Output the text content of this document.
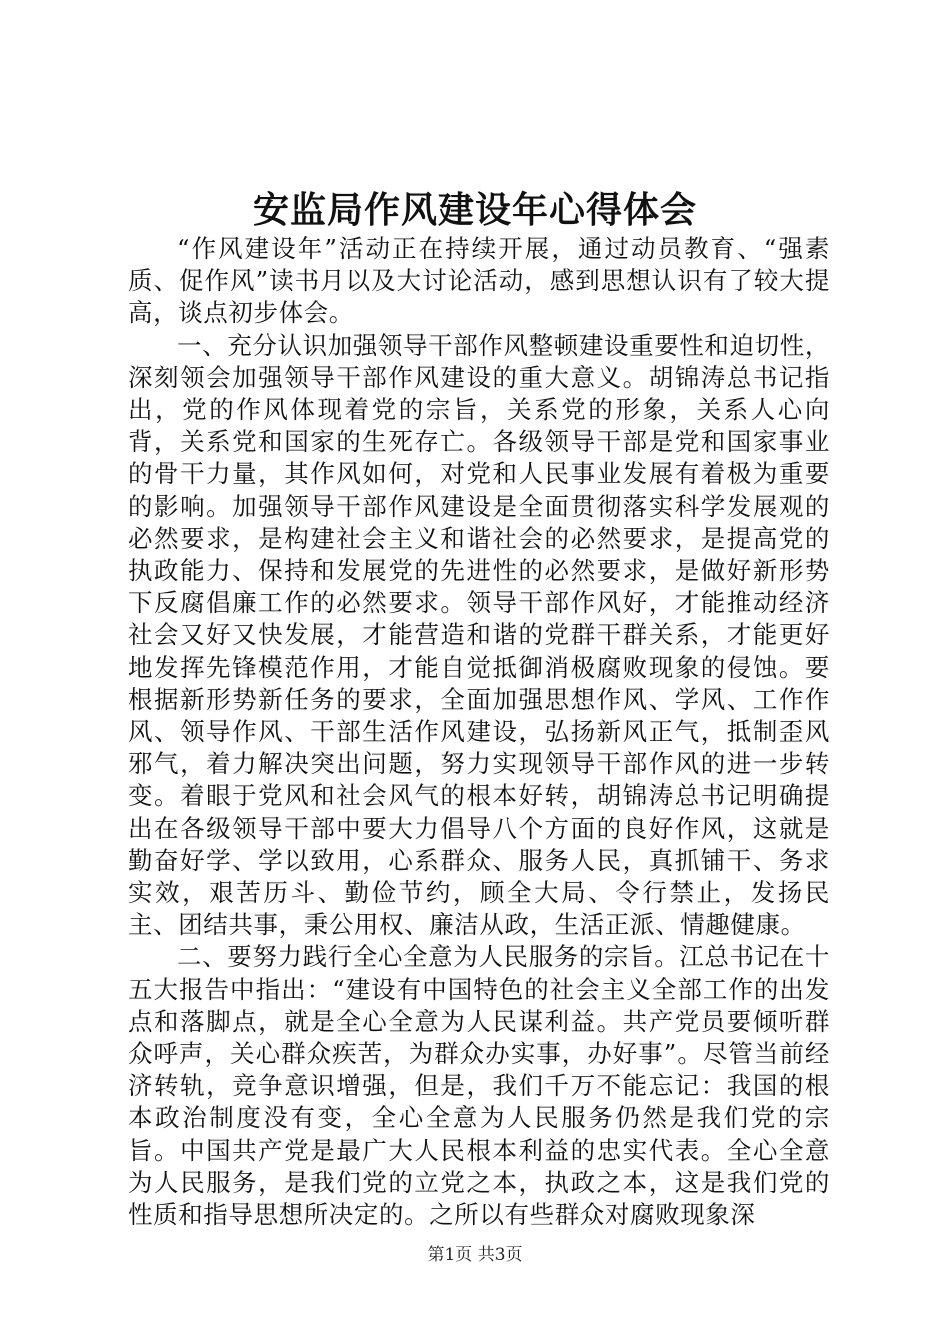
安监局作风建设年心得体会

“作风建设年”活动正在持续开展，通过动员教育、“强素质、促作风”读书月以及大讨论活动，感到思想认识有了较大提高，谈点初步体会。

一、充分认识加强领导干部作风整顿建设重要性和迫切性，深刻领会加强领导干部作风建设的重大意义。胡锦涛总书记指出，党的作风体现着党的宗旨，关系党的形象，关系人心向背，关系党和国家的生死存亡。各级领导干部是党和国家事业的骨干力量，其作风如何，对党和人民事业发展有着极为重要的影响。加强领导干部作风建设是全面贯彻落实科学发展观的必然要求，是构建社会主义和谐社会的必然要求，是提高党的执政能力、保持和发展党的先进性的必然要求，是做好新形势下反腐倡廉工作的必然要求。领导干部作风好，才能推动经济社会又好又快发展，才能营造和谐的党群干群关系，才能更好地发挥先锋模范作用，才能自觉抵御消极腐败现象的侵蚀。要根据新形势新任务的要求，全面加强思想作风、学风、工作作风、领导作风、干部生活作风建设，弘扬新风正气，抵制歪风邪气，着力解决突出问题，努力实现领导干部作风的进一步转变。着眼于党风和社会风气的根本好转，胡锦涛总书记明确提出在各级领导干部中要大力倡导八个方面的良好作风，这就是勤奋好学、学以致用，心系群众、服务人民，真抓铺干、务求实效，艰苦历斗、勤俭节约，顾全大局、令行禁止，发扬民主、团结共事，秉公用权、廉洁从政，生活正派、情趣健康。

二、要努力践行全心全意为人民服务的宗旨。江总书记在十五大报告中指出：“建设有中国特色的社会主义全部工作的出发点和落脚点，就是全心全意为人民谋利益。共产党员要倾听群众呼声，关心群众疾苦，为群众办实事，办好事”。尽管当前经济转轨，竞争意识增强，但是，我们千万不能忘记：我国的根本政治制度没有变，全心全意为人民服务仍然是我们党的宗旨。中国共产党是最广大人民根本利益的忠实代表。全心全意为人民服务，是我们党的立党之本，执政之本，这是我们党的性质和指导思想所决定的。之所以有些群众对腐败现象深

第1页 共3页
